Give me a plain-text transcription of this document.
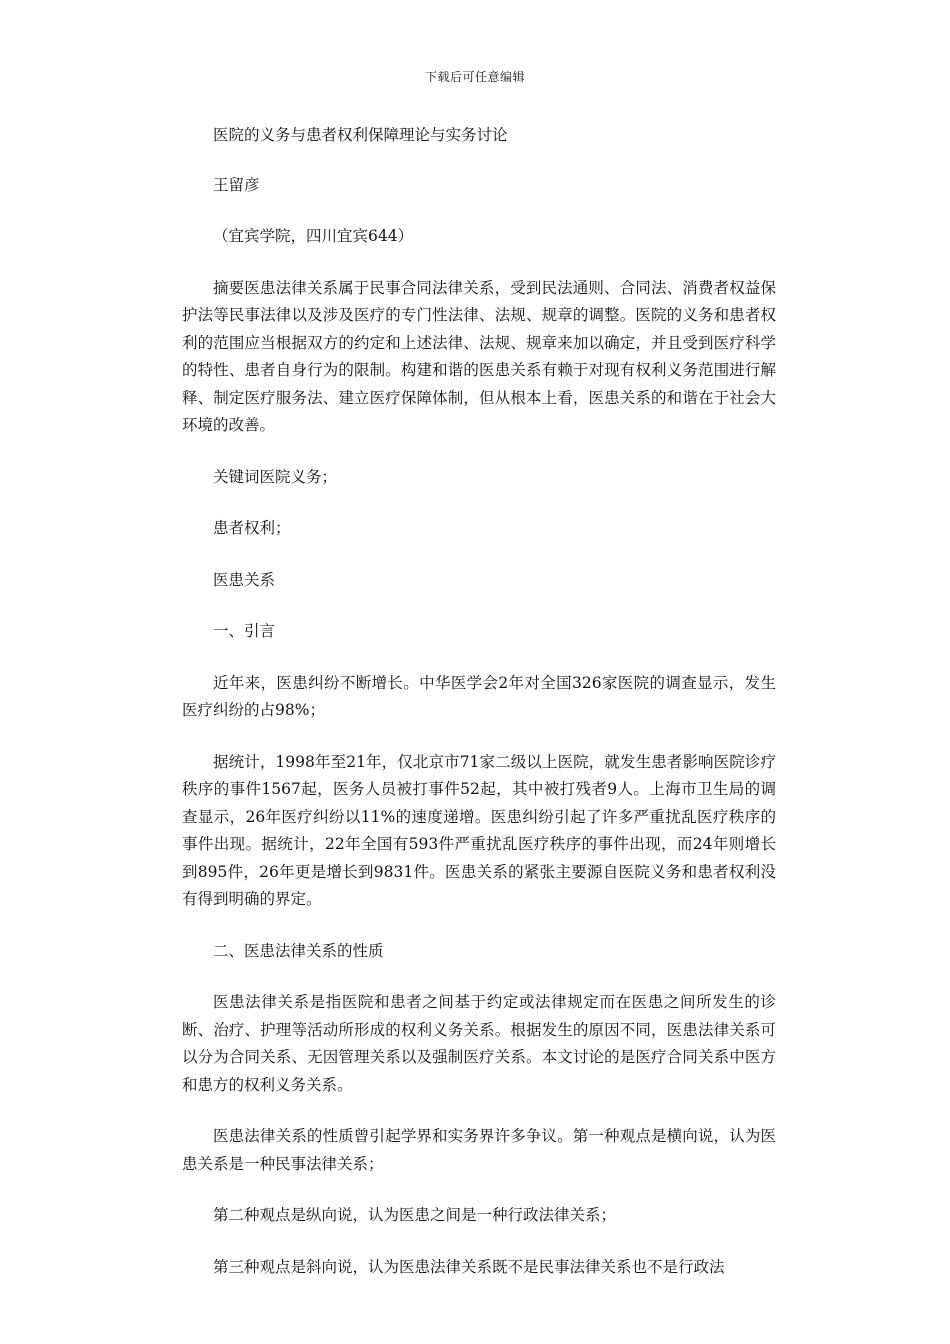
下载后可任意编辑

医院的义务与患者权利保障理论与实务讨论

王留彦

（宜宾学院，四川宜宾644）

摘要医患法律关系属于民事合同法律关系，受到民法通则、合同法、消费者权益保护法等民事法律以及涉及医疗的专门性法律、法规、规章的调整。医院的义务和患者权利的范围应当根据双方的约定和上述法律、法规、规章来加以确定，并且受到医疗科学的特性、患者自身行为的限制。构建和谐的医患关系有赖于对现有权利义务范围进行解释、制定医疗服务法、建立医疗保障体制，但从根本上看，医患关系的和谐在于社会大环境的改善。

关键词医院义务；

患者权利；

医患关系

一、引言

近年来，医患纠纷不断增长。中华医学会2年对全国326家医院的调查显示，发生医疗纠纷的占98%；

据统计，1998年至21年，仅北京市71家二级以上医院，就发生患者影响医院诊疗秩序的事件1567起，医务人员被打事件52起，其中被打残者9人。上海市卫生局的调查显示，26年医疗纠纷以11%的速度递增。医患纠纷引起了许多严重扰乱医疗秩序的事件出现。据统计，22年全国有593件严重扰乱医疗秩序的事件出现，而24年则增长到895件，26年更是增长到9831件。医患关系的紧张主要源自医院义务和患者权利没有得到明确的界定。

二、医患法律关系的性质

医患法律关系是指医院和患者之间基于约定或法律规定而在医患之间所发生的诊断、治疗、护理等活动所形成的权利义务关系。根据发生的原因不同，医患法律关系可以分为合同关系、无因管理关系以及强制医疗关系。本文讨论的是医疗合同关系中医方和患方的权利义务关系。

医患法律关系的性质曾引起学界和实务界许多争议。第一种观点是横向说，认为医患关系是一种民事法律关系；

第二种观点是纵向说，认为医患之间是一种行政法律关系；

第三种观点是斜向说，认为医患法律关系既不是民事法律关系也不是行政法
